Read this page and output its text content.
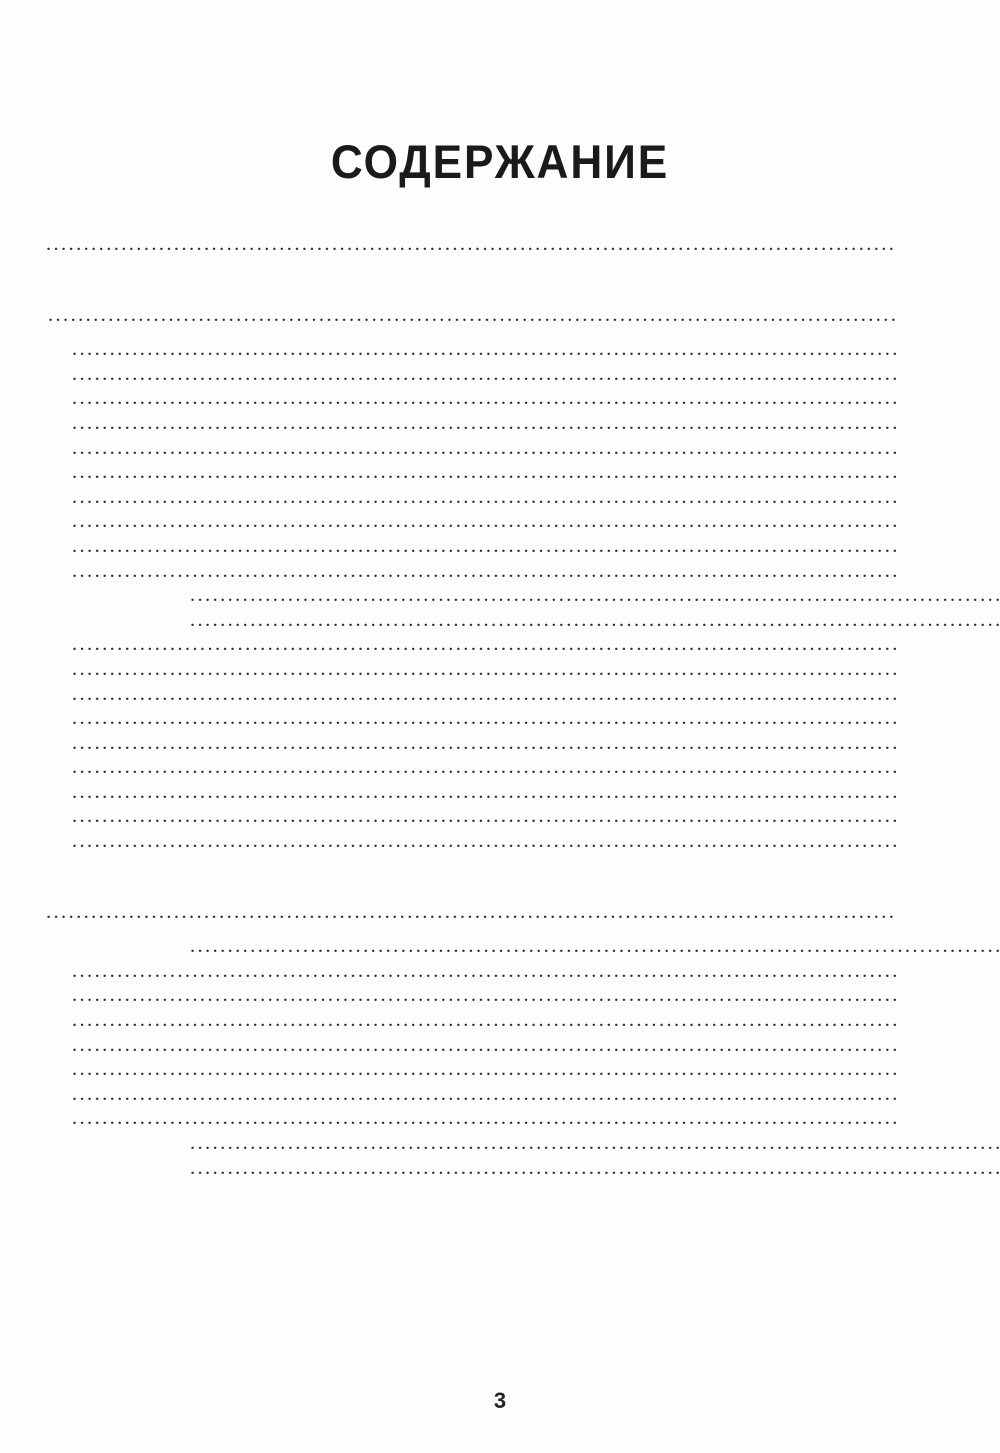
СОДЕРЖАНИЕ
.....
.....
.....
.....
.....
.....
.....
.....
.....
.....
.....
.....
.....
.....
.....
.....
.....
.....
.....
.....
.....
.....
.....
.....
.....
.....
.....
.....
.....
.....
.....
.....
.....
.....
3
